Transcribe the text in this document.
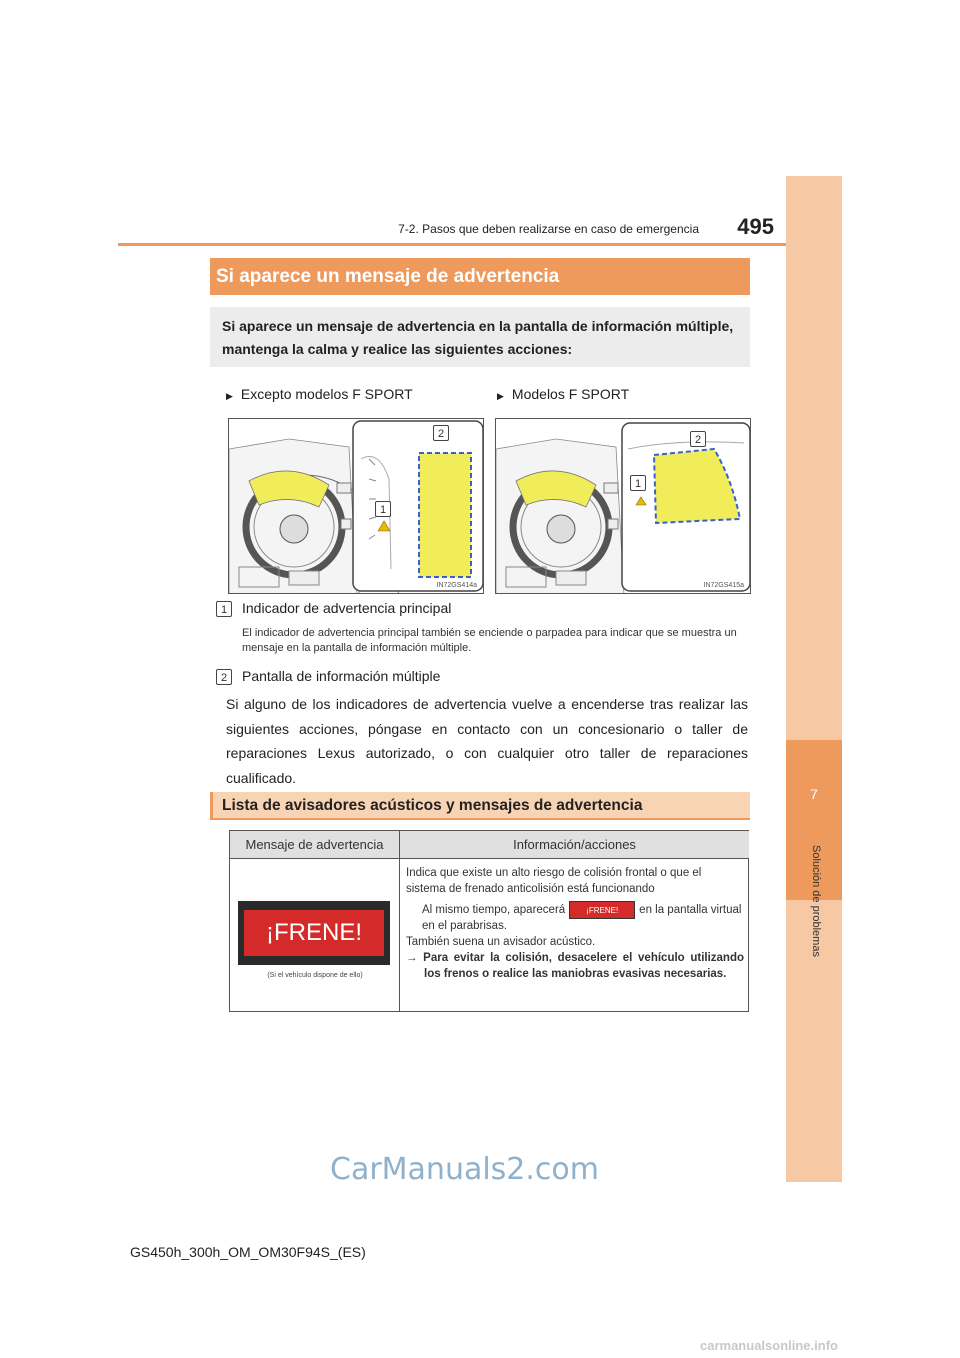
7
Solución de problemas
7-2. Pasos que deben realizarse en caso de emergencia	495
Si aparece un mensaje de advertencia
Si aparece un mensaje de advertencia en la pantalla de información múltiple, mantenga la calma y realice las siguientes acciones:
▶ Excepto modelos F SPORT	▶ Modelos F SPORT
2
1
IN72GS414a
2
1
IN72GS415a
1	Indicador de advertencia principal
El indicador de advertencia principal también se enciende o parpadea para indicar que se muestra un mensaje en la pantalla de información múltiple.
2	Pantalla de información múltiple
Si alguno de los indicadores de advertencia vuelve a encenderse tras realizar las siguientes acciones, póngase en contacto con un concesionario o taller de reparaciones Lexus autorizado, o con cualquier otro taller de reparaciones cualificado.
Lista de avisadores acústicos y mensajes de advertencia
Mensaje de advertencia	Información/acciones
¡FRENE!
(Si el vehículo dispone de ello)
Indica que existe un alto riesgo de colisión frontal o que el sistema de frenado anticolisión está funcionando
Al mismo tiempo, aparecerá	¡FRENE! en la pantalla virtual en el parabrisas.
También suena un avisador acústico.
→ Para evitar la colisión, desacelere el vehículo utilizando los frenos o realice las maniobras evasivas necesarias.
CarManuals2.com
GS450h_300h_OM_OM30F94S_(ES)
carmanualsonline.info
